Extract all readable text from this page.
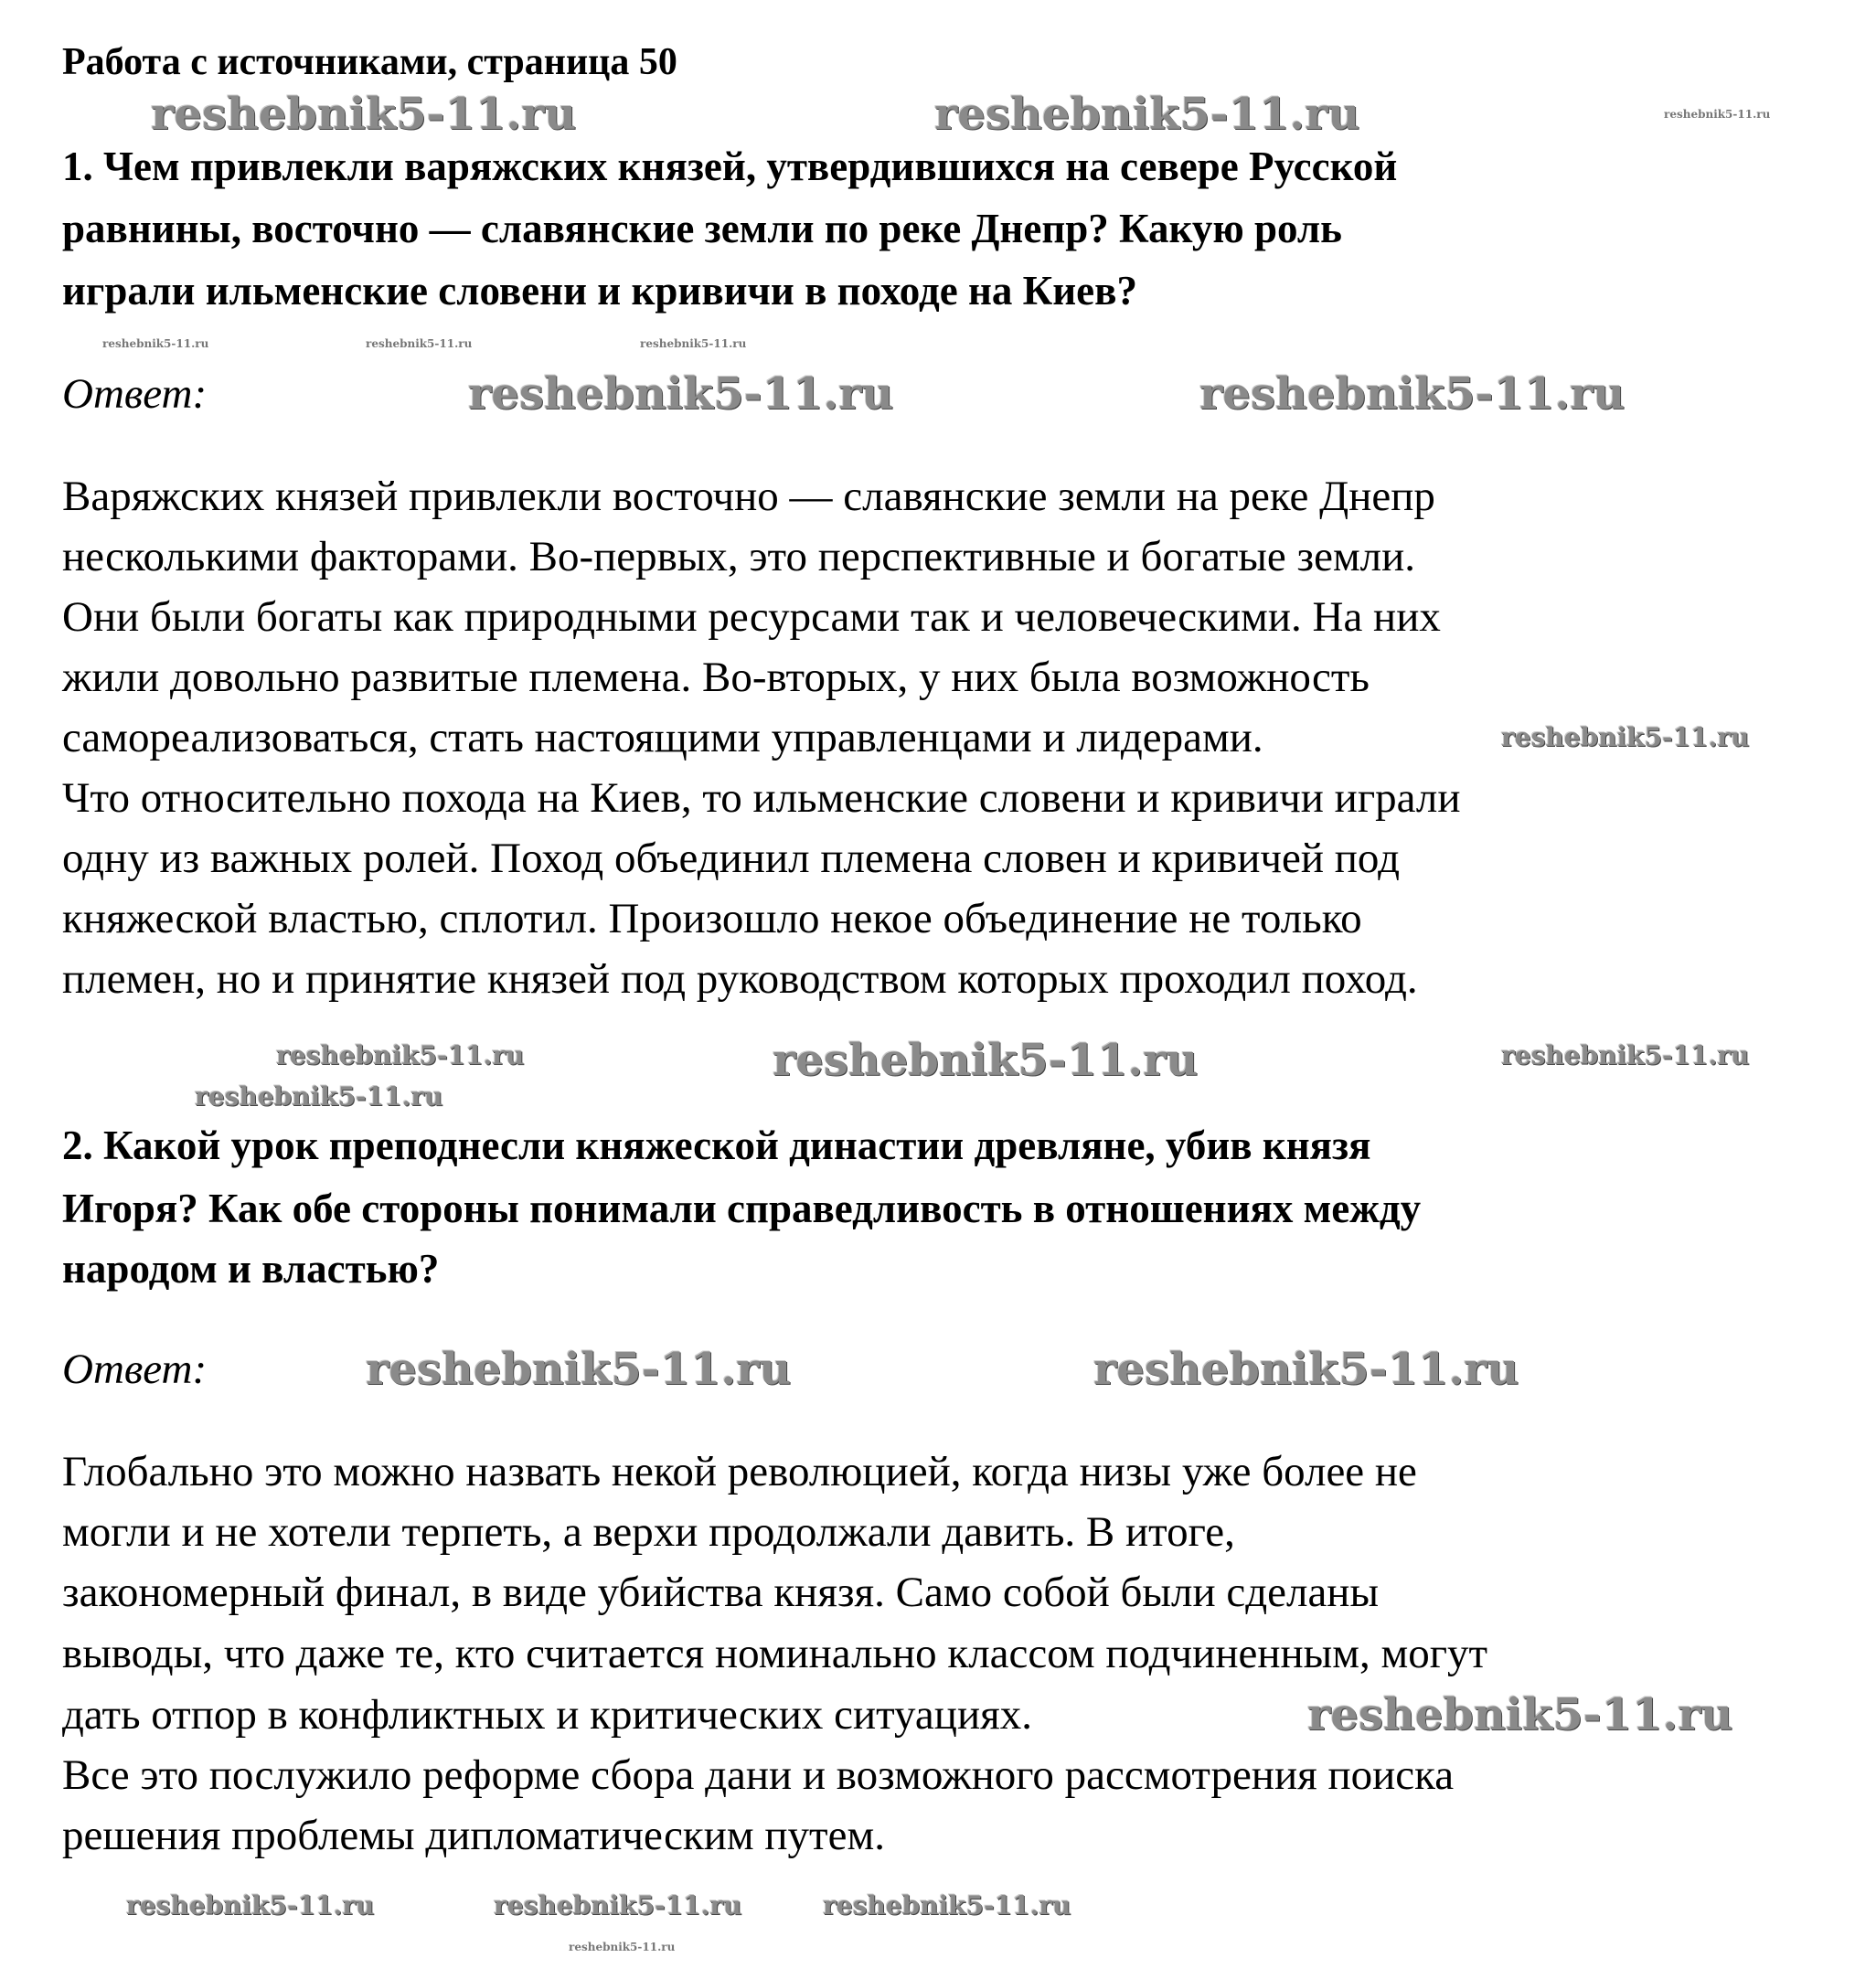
Работа с источниками, страница 50
1. Чем привлекли варяжских князей, утвердившихся на севере Русской
равнины, восточно — славянские земли по реке Днепр? Какую роль
играли ильменские словени и кривичи в походе на Киев?
Ответ:
Варяжских князей привлекли восточно — славянские земли на реке Днепр
несколькими факторами. Во-первых, это перспективные и богатые земли.
Они были богаты как природными ресурсами так и человеческими. На них
жили довольно развитые племена. Во-вторых, у них была возможность
самореализоваться, стать настоящими управленцами и лидерами.
Что относительно похода на Киев, то ильменские словени и кривичи играли
одну из важных ролей. Поход объединил племена словен и кривичей под
княжеской властью, сплотил. Произошло некое объединение не только
племен, но и принятие князей под руководством которых проходил поход.
2. Какой урок преподнесли княжеской династии древляне, убив князя
Игоря? Как обе стороны понимали справедливость в отношениях между
народом и властью?
Ответ:
Глобально это можно назвать некой революцией, когда низы уже более не
могли и не хотели терпеть, а верхи продолжали давить. В итоге,
закономерный финал, в виде убийства князя. Само собой были сделаны
выводы, что даже те, кто считается номинально классом подчиненным, могут
дать отпор в конфликтных и критических ситуациях.
Все это послужило реформе сбора дани и возможного рассмотрения поиска
решения проблемы дипломатическим путем.
reshebnik5-11.ru	reshebnik5-11.ru	reshebnik5-11.ru
reshebnik5-11.ru	reshebnik5-11.ru
reshebnik5-11.ru	reshebnik5-11.ru	reshebnik5-11.ru
reshebnik5-11.ru
reshebnik5-11.ru	reshebnik5-11.ru
reshebnik5-11.ru
reshebnik5-11.ru
reshebnik5-11.ru	reshebnik5-11.ru
reshebnik5-11.ru	reshebnik5-11.ru
reshebnik5-11.ru
reshebnik5-11.ru
reshebnik5-11.ru
